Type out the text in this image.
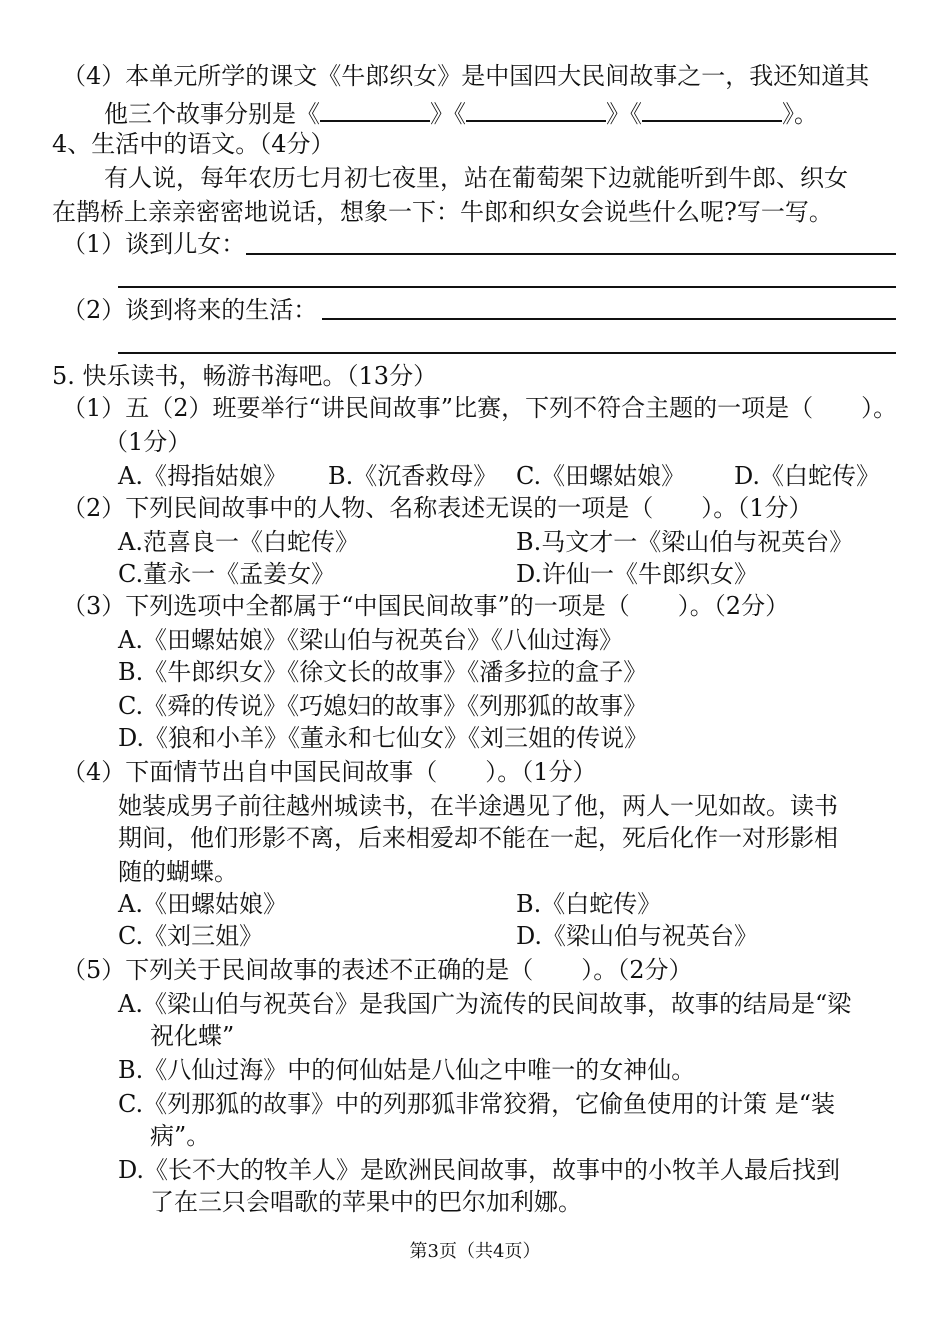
（4）本单元所学的课文《牛郎织女》是中国四大民间故事之一，我还知道其
他三个故事分别是《	》《	》《	》。
4、生活中的语文。（4分）
有人说，每年农历七月初七夜里，站在葡萄架下边就能听到牛郎、织女
在鹊桥上亲亲密密地说话，想象一下：牛郎和织女会说些什么呢?写一写。
（1）谈到儿女：
（2）谈到将来的生活：
5. 快乐读书，畅游书海吧。（13分）
（1）五（2）班要举行“讲民间故事”比赛，下列不符合主题的一项是（　　）。
（1分）
A.《拇指姑娘》 B.《沉香救母》 C.《田螺姑娘》 D.《白蛇传》
（2）下列民间故事中的人物、名称表述无误的一项是（　　）。（1分）
A.范喜良一《白蛇传》	B.马文才一《梁山伯与祝英台》
C.董永一《孟姜女》	D.许仙一《牛郎织女》
（3）下列选项中全都属于“中国民间故事”的一项是（　　）。（2分）
A.《田螺姑娘》《梁山伯与祝英台》《八仙过海》
B.《牛郎织女》《徐文长的故事》《潘多拉的盒子》
C.《舜的传说》《巧媳妇的故事》《列那狐的故事》
D.《狼和小羊》《董永和七仙女》《刘三姐的传说》
（4）下面情节出自中国民间故事（　　）。（1分）
她装成男子前往越州城读书，在半途遇见了他，两人一见如故。读书
期间，他们形影不离，后来相爱却不能在一起，死后化作一对形影相
随的蝴蝶。
A.《田螺姑娘》	B.《白蛇传》
C.《刘三姐》	D.《梁山伯与祝英台》
（5）下列关于民间故事的表述不正确的是（　　）。（2分）
A.《梁山伯与祝英台》是我国广为流传的民间故事，故事的结局是“梁
祝化蝶”
B.《八仙过海》中的何仙姑是八仙之中唯一的女神仙。
C.《列那狐的故事》中的列那狐非常狡猾，它偷鱼使用的计策 是“装
病”。
D.《长不大的牧羊人》是欧洲民间故事，故事中的小牧羊人最后找到
了在三只会唱歌的苹果中的巴尔加利娜。
第3页（共4页）
